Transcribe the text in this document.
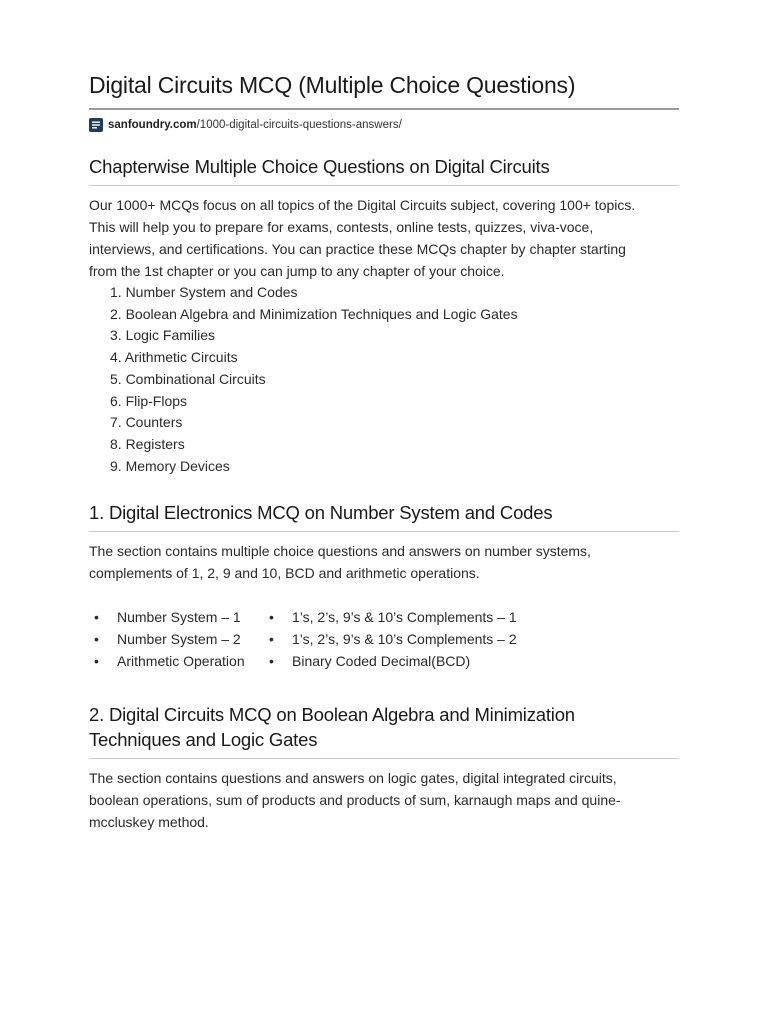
Digital Circuits MCQ (Multiple Choice Questions)
sanfoundry.com /1000-digital-circuits-questions-answers/
Chapterwise Multiple Choice Questions on Digital Circuits

Our 1000+ MCQs focus on all topics of the Digital Circuits subject, covering 100+ topics.

This will help you to prepare for exams, contests, online tests, quizzes, viva-voce,

interviews, and certifications. You can practice these MCQs chapter by chapter starting

from the 1st chapter or you can jump to any chapter of your choice.

1. Number System and Codes
2. Boolean Algebra and Minimization Techniques and Logic Gates
3. Logic Families
4. Arithmetic Circuits
5. Combinational Circuits
6. Flip-Flops
7. Counters
8. Registers
9. Memory Devices
1. Digital Electronics MCQ on Number System and Codes

The section contains multiple choice questions and answers on number systems,

complements of 1, 2, 9 and 10, BCD and arithmetic operations.

•	Number System – 1
•	Number System – 2
•	Arithmetic Operation
•	1’s, 2’s, 9’s & 10’s Complements – 1
•	1’s, 2’s, 9’s & 10’s Complements – 2
•	Binary Coded Decimal(BCD)
2. Digital Circuits MCQ on Boolean Algebra and Minimization
Techniques and Logic Gates

The section contains questions and answers on logic gates, digital integrated circuits,

boolean operations, sum of products and products of sum, karnaugh maps and quine-

mccluskey method.
